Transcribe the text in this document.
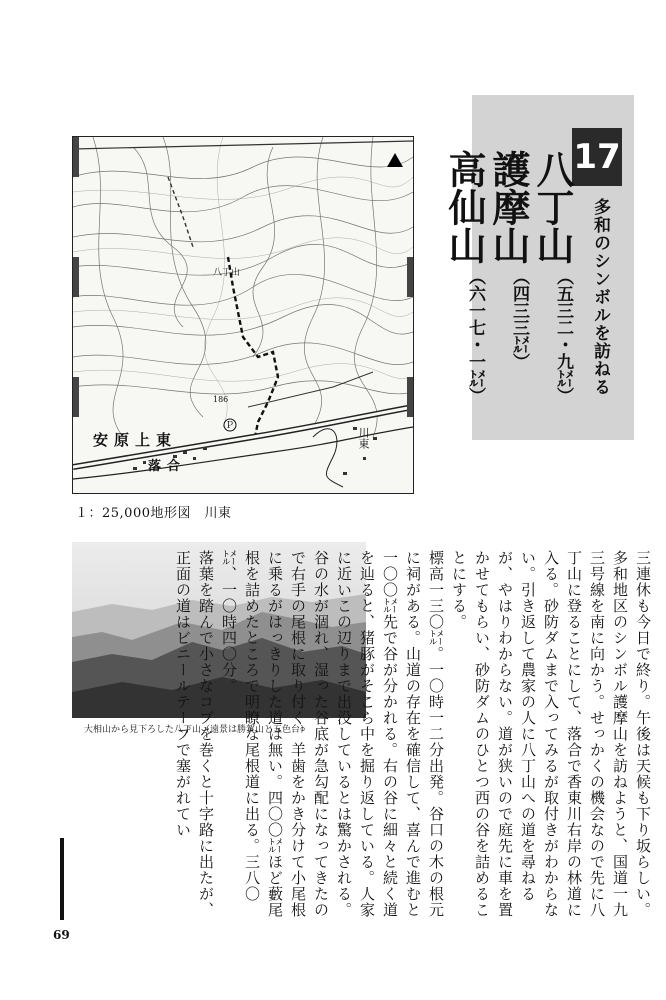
八丁山
186
Ｐ
安原上東
落合
川東
１：25,000地形図　川東
大相山から見下ろした八丁山（遠景は勝賀山と五色台）
17
多和のシンボルを訪ねる
八丁山
（五三二・九㍍）
護摩山
（四三三㍍）
高仙山
（六一七・一㍍）

三連休も今日で終り。午後は天候も下り坂らしい。多和地区のシンボル護摩山を訪ねようと、国道一九三号線を南に向かう。せっかくの機会なので先に八丁山に登ることにして、落合で香東川右岸の林道に入る。砂防ダムまで入ってみるが取付きがわからない。引き返して農家の人に八丁山への道を尋ねるが、やはりわからない。道が狭いので庭先に車を置かせてもらい、砂防ダムのひとつ西の谷を詰めることにする。

標高一三〇㍍。一〇時一二分出発。谷口の木の根元に祠がある。山道の存在を確信して、喜んで進むと一〇〇㍍先で谷が分かれる。右の谷に細々と続く道を辿ると、猪豚がそこら中を掘り返している。人家に近いこの辺りまで出没しているとは驚かされる。谷の水が涸れ、湿った谷底が急勾配になってきたので右手の尾根に取り付く。羊歯をかき分けて小尾根に乗るがはっきりした道は無い。四〇〇㍍ほど藪尾根を詰めたところで明瞭な尾根道に出る。三八〇㍍、一〇時四〇分。

落葉を踏んで小さなコブを巻くと十字路に出たが、正面の道はビニールテープで塞がれてい

69
